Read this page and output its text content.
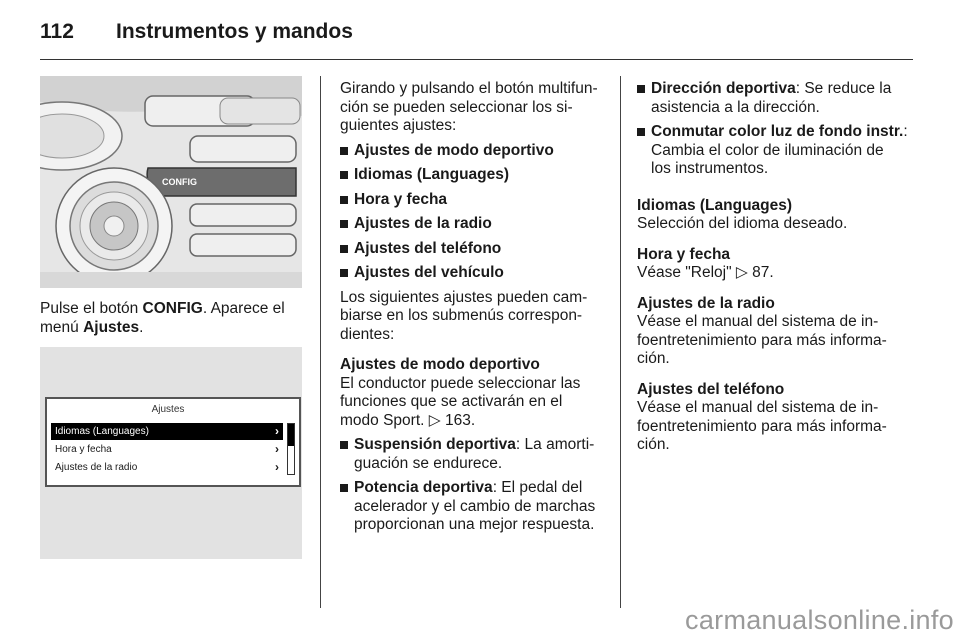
112 Instrumentos y mandos
CONFIG

Pulse el botón CONFIG. Aparece el

menú Ajustes.

Ajustes
Idiomas (Languages)	›
Hora y fecha	›
Ajustes de la radio	›

Girando y pulsando el botón multifun-

ción se pueden seleccionar los si-

guientes ajustes:

Ajustes de modo deportivo
Idiomas (Languages)
Hora y fecha
Ajustes de la radio
Ajustes del teléfono
Ajustes del vehículo

Los siguientes ajustes pueden cam-

biarse en los submenús correspon-

dientes:

Ajustes de modo deportivo

El conductor puede seleccionar las

funciones que se activarán en el

modo Sport. ▷ 163.

Suspensión deportiva: La amorti-
guación se endurece.
Potencia deportiva: El pedal del
acelerador y el cambio de marchas
proporcionan una mejor respuesta.
Dirección deportiva: Se reduce la
asistencia a la dirección.
Conmutar color luz de fondo instr.:
Cambia el color de iluminación de
los instrumentos.

Idiomas (Languages)

Selección del idioma deseado.

Hora y fecha

Véase "Reloj" ▷ 87.

Ajustes de la radio

Véase el manual del sistema de in-

foentretenimiento para más informa-

ción.

Ajustes del teléfono

Véase el manual del sistema de in-

foentretenimiento para más informa-

ción.

carmanualsonline.info
